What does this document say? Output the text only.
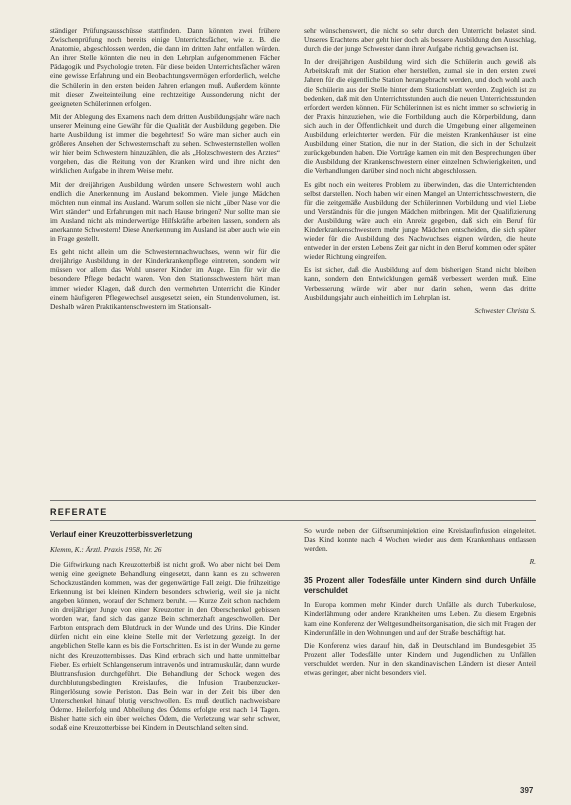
ständiger Prüfungsausschüsse stattfinden. Dann könnten zwei frühere Zwischenprüfung noch bereits einige Unterrichtsfächer, wie z. B. die Anatomie, abgeschlossen werden, die dann im dritten Jahr entfallen würden. An ihrer Stelle könnten die neu in den Lehrplan aufgenommenen Fächer Pädagogik und Psychologie treten. Für diese beiden Unterrichtsfächer wären eine gewisse Erfahrung und ein Beobachtungsvermögen erforderlich, welche die Schülerin in den ersten beiden Jahren erlangen muß. Außerdem könnte mit dieser Zweiteinteilung eine rechtzeitige Aussonderung nicht der geeigneten Schülerinnen erfolgen.

Mit der Ablegung des Examens nach dem dritten Ausbildungsjahr wäre nach unserer Meinung eine Gewähr für die Qualität der Ausbildung gegeben. Die harte Ausbildung ist immer die begehrtest! So wäre man sicher auch ein größeres Ansehen der Schwesternschaft zu sehen. Schwesternstellen wollen wir hier beim Schwestern hinzuzählen, die als „Holzschwestern des Arztes“ vorgehen, das die Reitung von der Kranken wird und ihre nicht den wirklichen Aufgabe in ihrem Weise mehr.

Mit der dreijährigen Ausbildung würden unsere Schwestern wohl auch endlich die Anerkennung im Ausland bekommen. Viele junge Mädchen möchten nun einmal ins Ausland. Warum sollen sie nicht „über Nase vor die Wirt ständer“ und Erfahrungen mit nach Hause bringen? Nur sollte man sie im Ausland nicht als minderwertige Hilfskräfte arbeiten lassen, sondern als anerkannte Schwestern! Diese Anerkennung im Ausland ist aber auch wie ein in Frage gestellt.

Es geht nicht allein um die Schwesternnachwuchses, wenn wir für die dreijährige Ausbildung in der Kinderkrankenpflege eintreten, sondern wir müssen vor allem das Wohl unserer Kinder im Auge. Ein für wir die besondere Pflege bedacht waren. Von den Stationsschwestern hört man immer wieder Klagen, daß durch den vermehrten Unterricht die Kinder einem häufigeren Pflegewechsel ausgesetzt seien, ein Stundenvolumen, ist. Deshalb wären Praktikantenschwestern im Stationsalt-

sehr wünschenswert, die nicht so sehr durch den Unterricht belastet sind. Unseres Erachtens aber geht hier doch als bessere Ausbildung den Ausschlag, durch die der junge Schwester dann ihrer Aufgabe richtig gewachsen ist.

In der dreijährigen Ausbildung wird sich die Schülerin auch gewiß als Arbeitskraft mit der Station eher herstellen, zumal sie in den ersten zwei Jahren für die eigentliche Station herangebracht werden, und doch wohl auch die Schülerin aus der Stelle hinter dem Stationsblatt werden. Zugleich ist zu bedenken, daß mit den Unterrichtsstunden auch die neuen Unterrichtsstunden erfordert werden können. Für Schülerinnen ist es nicht immer so schwierig in der Praxis hinzuziehen, wie die Fortbildung auch die Körperbildung, dann sich auch in der Öffentlichkeit und durch die Umgebung einer allgemeinen Ausbildung erleichterter werden. Für die meisten Krankenhäuser ist eine Ausbildung einer Station, die nur in der Station, die sich in der Schulzeit zurückgebunden haben. Die Vorträge kamen ein mit den Besprechungen über die Ausbildung der Krankenschwestern einer einzelnen Schwierigkeiten, und die Verhandlungen darüber sind noch nicht abgeschlossen.

Es gibt noch ein weiteres Problem zu überwinden, das die Unterrichtenden selbst darstellen. Noch haben wir einen Mangel an Unterrichtsschwestern, die für die zeitgemäße Ausbildung der Schülerinnen Vorbildung und viel Liebe und Verständnis für die jungen Mädchen mitbringen. Mit der Qualifizierung der Ausbildung wäre auch ein Anreiz gegeben, daß sich ein Beruf für Kinderkrankenschwestern mehr junge Mädchen entscheiden, die sich später wieder für die Ausbildung des Nachwuchses eignen würden, die heute entweder in der ersten Lebens Zeit gar nicht in den Beruf kommen oder später wieder Richtung eingreifen.

Es ist sicher, daß die Ausbildung auf dem bisherigen Stand nicht bleiben kann, sondern den Entwicklungen gemäß verbessert werden muß. Eine Verbesserung würde wir aber nur darin sehen, wenn das dritte Ausbildungsjahr auch einheitlich im Lehrplan ist.

Schwester Christa S.
REFERATE
Verlauf einer Kreuzotterbissverletzung
Klemm, K.: Ärztl. Praxis 1958, Nr. 26

Die Giftwirkung nach Kreuzotterbiß ist nicht groß. Wo aber nicht bei Dem wenig eine geeignete Behandlung eingesetzt, dann kann es zu schweren Schockzuständen kommen, was der gegenwärtige Fall zeigt. Die frühzeitige Erkennung ist bei kleinen Kindern besonders schwierig, weil sie ja nicht angeben können, worauf der Schmerz beruht. — Kurze Zeit schon nachdem ein dreijähriger Junge von einer Kreuzotter in den Oberschenkel gebissen worden war, fand sich das ganze Bein schmerzhaft angeschwollen. Der Farbton entsprach dem Blutdruck in der Wunde und des Urins. Die Kinder dürfen nicht ein eine kleine Stelle mit der Verletzung gezeigt. In der angeblichen Stelle kann es bis die Fortschritten. Es ist in der Wunde zu gerne nicht des Kreuzotternbisses. Das Kind erbrach sich und hatte unmittelbar Fieber. Es erhielt Schlangenserum intravenös und intramuskulär, dann wurde Bluttransfusion durchgeführt. Die Behandlung der Schock wegen des durchblutungsbedingten Kreislaufes, die Infusion Traubenzucker-Ringerlösung sowie Periston. Das Bein war in der Zeit bis über den Unterschenkel hinauf blutig verschwollen. Es muß deutlich nachweisbare Ödeme. Heilerfolg und Abheilung des Ödems erfolgte erst nach 14 Tagen. Bisher hatte sich ein über weiches Ödem, die Verletzung war sehr schwer, sodaß eine Kreuzotterbisse bei Kindern in Deutschland selten sind.

So wurde neben der Giftseruminjektion eine Kreislaufinfusion eingeleitet. Das Kind konnte nach 4 Wochen wieder aus dem Krankenhaus entlassen werden.

R.
35 Prozent aller Todesfälle unter Kindern sind durch Unfälle verschuldet

In Europa kommen mehr Kinder durch Unfälle als durch Tuberkulose, Kinderlähmung oder andere Krankheiten ums Leben. Zu diesem Ergebnis kam eine Konferenz der Weltgesundheitsorganisation, die sich mit Fragen der Kinderunfälle in den Wohnungen und auf der Straße beschäftigt hat.

Die Konferenz wies darauf hin, daß in Deutschland im Bundesgebiet 35 Prozent aller Todesfälle unter Kindern und Jugendlichen zu Unfällen verschuldet werden. Nur in den skandinavischen Ländern ist dieser Anteil etwas geringer, aber nicht besonders viel.

397
